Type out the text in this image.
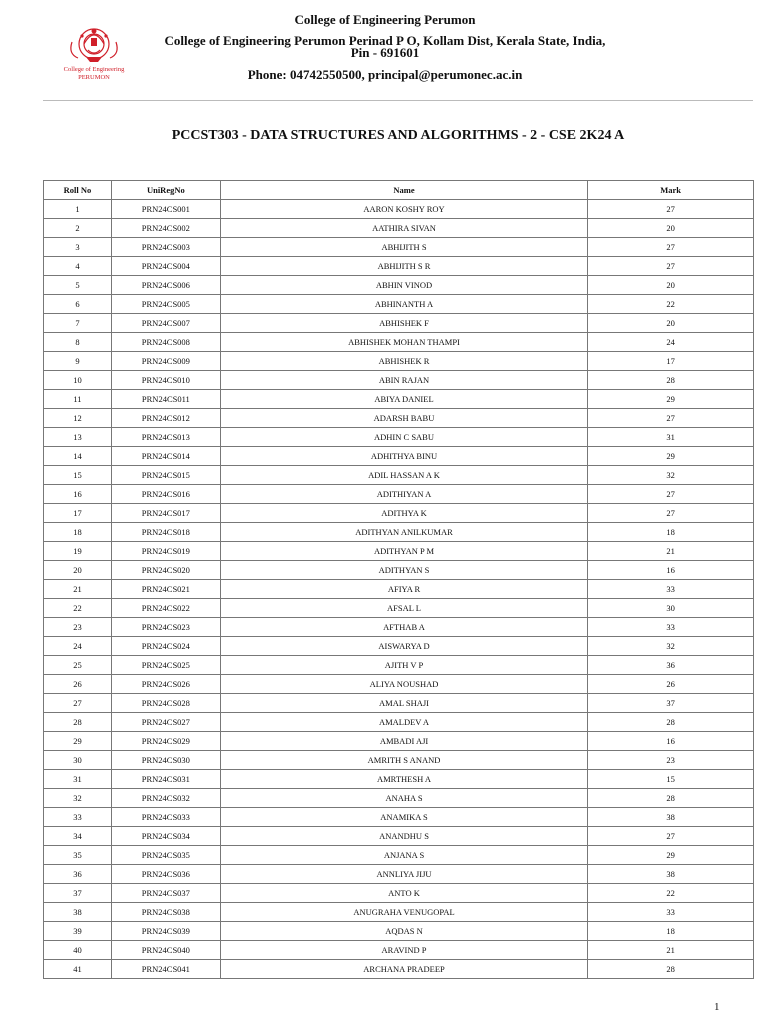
College of Engineering
PERUMON
College of Engineering Perumon
College of Engineering Perumon Perinad P O, Kollam Dist, Kerala State, India,
Pin - 691601
Phone: 04742550500, principal@perumonec.ac.in
PCCST303 - DATA STRUCTURES AND ALGORITHMS - 2 - CSE 2K24 A
Roll No	UniRegNo	Name	Mark
1	PRN24CS001	AARON KOSHY ROY	27
2	PRN24CS002	AATHIRA SIVAN	20
3	PRN24CS003	ABHIJITH S	27
4	PRN24CS004	ABHIJITH S R	27
5	PRN24CS006	ABHIN VINOD	20
6	PRN24CS005	ABHINANTH A	22
7	PRN24CS007	ABHISHEK F	20
8	PRN24CS008	ABHISHEK MOHAN THAMPI	24
9	PRN24CS009	ABHISHEK R	17
10	PRN24CS010	ABIN RAJAN	28
11	PRN24CS011	ABIYA DANIEL	29
12	PRN24CS012	ADARSH BABU	27
13	PRN24CS013	ADHIN C SABU	31
14	PRN24CS014	ADHITHYA BINU	29
15	PRN24CS015	ADIL HASSAN A K	32
16	PRN24CS016	ADITHIYAN A	27
17	PRN24CS017	ADITHYA K	27
18	PRN24CS018	ADITHYAN ANILKUMAR	18
19	PRN24CS019	ADITHYAN P M	21
20	PRN24CS020	ADITHYAN S	16
21	PRN24CS021	AFIYA R	33
22	PRN24CS022	AFSAL L	30
23	PRN24CS023	AFTHAB A	33
24	PRN24CS024	AISWARYA D	32
25	PRN24CS025	AJITH V P	36
26	PRN24CS026	ALIYA NOUSHAD	26
27	PRN24CS028	AMAL SHAJI	37
28	PRN24CS027	AMALDEV A	28
29	PRN24CS029	AMBADI AJI	16
30	PRN24CS030	AMRITH S ANAND	23
31	PRN24CS031	AMRTHESH A	15
32	PRN24CS032	ANAHA S	28
33	PRN24CS033	ANAMIKA S	38
34	PRN24CS034	ANANDHU S	27
35	PRN24CS035	ANJANA S	29
36	PRN24CS036	ANNLIYA JIJU	38
37	PRN24CS037	ANTO K	22
38	PRN24CS038	ANUGRAHA VENUGOPAL	33
39	PRN24CS039	AQDAS N	18
40	PRN24CS040	ARAVIND P	21
41	PRN24CS041	ARCHANA PRADEEP	28
1
